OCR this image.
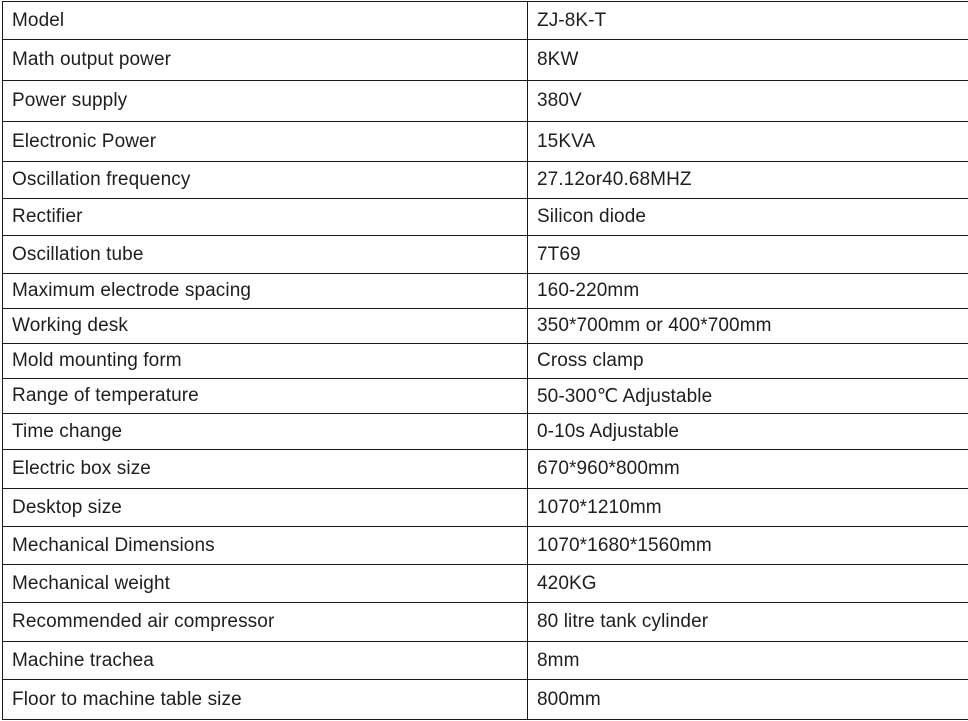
Model	ZJ-8K-T
Math output power	8KW
Power supply	380V
Electronic Power	15KVA
Oscillation frequency	27.12or40.68MHZ
Rectifier	Silicon diode
Oscillation tube	7T69
Maximum electrode spacing	160-220mm
Working desk	350*700mm or 400*700mm
Mold mounting form	Cross clamp
Range of temperature	50-300℃ Adjustable
Time change	0-10s Adjustable
Electric box size	670*960*800mm
Desktop size	1070*1210mm
Mechanical Dimensions	1070*1680*1560mm
Mechanical weight	420KG
Recommended air compressor	80 litre tank cylinder
Machine trachea	8mm
Floor to machine table size	800mm
